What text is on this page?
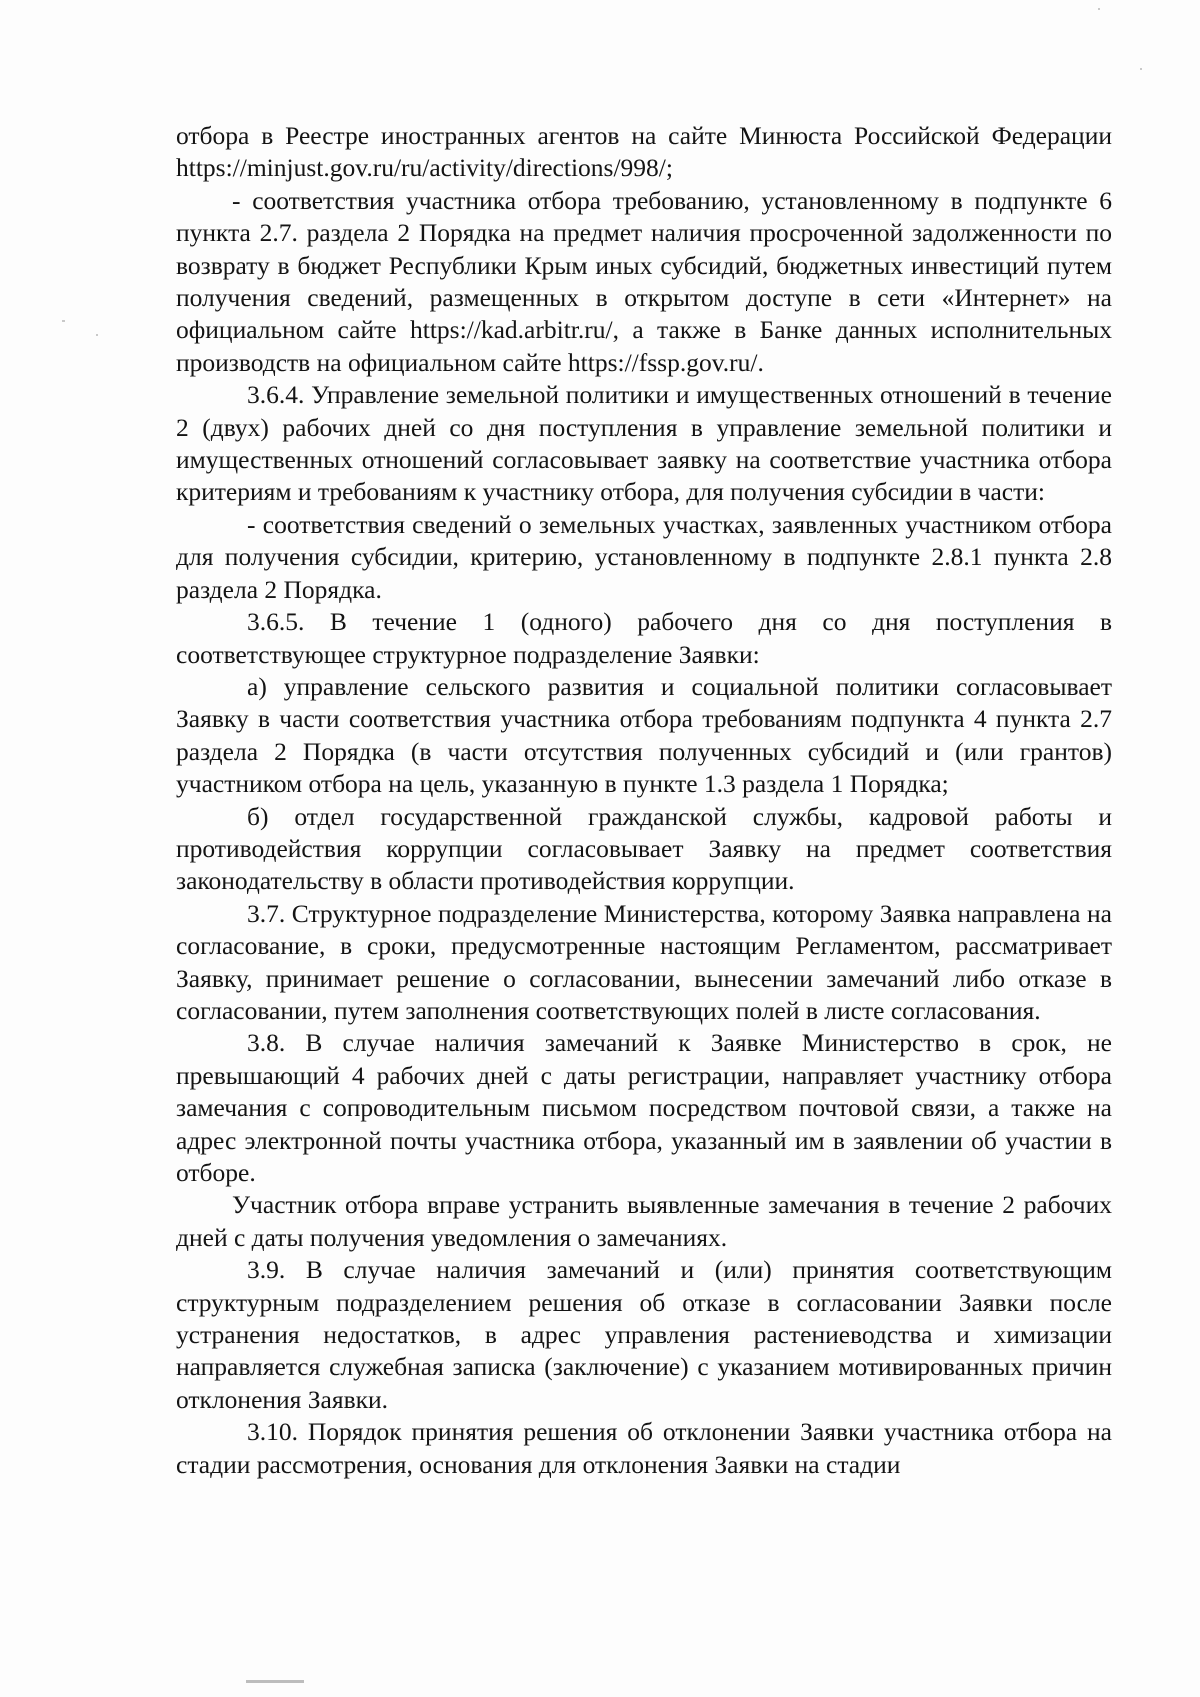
отбора в Реестре иностранных агентов на сайте Минюста Российской Федерации https://minjust.gov.ru/ru/activity/directions/998/;

- соответствия участника отбора требованию, установленному в подпункте 6 пункта 2.7. раздела 2 Порядка на предмет наличия просроченной задолженности по возврату в бюджет Республики Крым иных субсидий, бюджетных инвестиций путем получения сведений, размещенных в открытом доступе в сети «Интернет» на официальном сайте https://kad.arbitr.ru/, а также в Банке данных исполнительных производств на официальном сайте https://fssp.gov.ru/.

3.6.4. Управление земельной политики и имущественных отношений в течение 2 (двух) рабочих дней со дня поступления в управление земельной политики и имущественных отношений согласовывает заявку на соответствие участника отбора критериям и требованиям к участнику отбора, для получения субсидии в части:

- соответствия сведений о земельных участках, заявленных участником отбора для получения субсидии, критерию, установленному в подпункте 2.8.1 пункта 2.8 раздела 2 Порядка.

3.6.5. В течение 1 (одного) рабочего дня со дня поступления в соответствующее структурное подразделение Заявки:

а) управление сельского развития и социальной политики согласовывает Заявку в части соответствия участника отбора требованиям подпункта 4 пункта 2.7 раздела 2 Порядка (в части отсутствия полученных субсидий и (или грантов) участником отбора на цель, указанную в пункте 1.3 раздела 1 Порядка;

б) отдел государственной гражданской службы, кадровой работы и противодействия коррупции согласовывает Заявку на предмет соответствия законодательству в области противодействия коррупции.

3.7. Структурное подразделение Министерства, которому Заявка направлена на согласование, в сроки, предусмотренные настоящим Регламентом, рассматривает Заявку, принимает решение о согласовании, вынесении замечаний либо отказе в согласовании, путем заполнения соответствующих полей в листе согласования.

3.8. В случае наличия замечаний к Заявке Министерство в срок, не превышающий 4 рабочих дней с даты регистрации, направляет участнику отбора замечания с сопроводительным письмом посредством почтовой связи, а также на адрес электронной почты участника отбора, указанный им в заявлении об участии в отборе.

Участник отбора вправе устранить выявленные замечания в течение 2 рабочих дней с даты получения уведомления о замечаниях.

3.9. В случае наличия замечаний и (или) принятия соответствующим структурным подразделением решения об отказе в согласовании Заявки после устранения недостатков, в адрес управления растениеводства и химизации направляется служебная записка (заключение) с указанием мотивированных причин отклонения Заявки.

3.10. Порядок принятия решения об отклонении Заявки участника отбора на стадии рассмотрения, основания для отклонения Заявки на стадии
